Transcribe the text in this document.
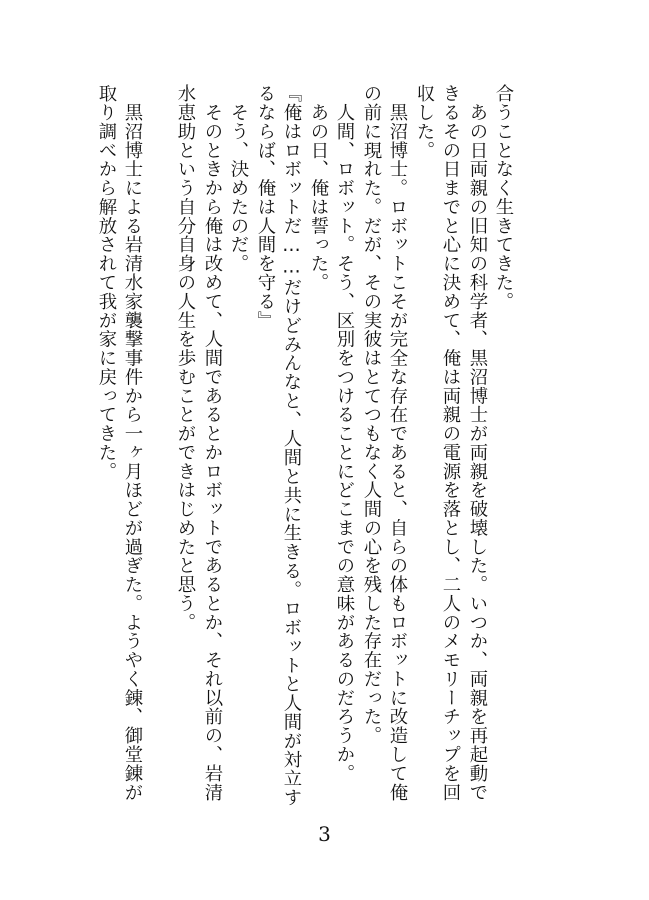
合うことなく生きてきた。
　あの日両親の旧知の科学者、黒沼博士が両親を破壊した。いつか、両親を再起動で
きるその日までと心に決めて、俺は両親の電源を落とし、二人のメモリーチップを回
収した。
　黒沼博士。ロボットこそが完全な存在であると、自らの体もロボットに改造して俺
の前に現れた。だが、その実彼はとてつもなく人間の心を残した存在だった。
　人間、ロボット。そう、区別をつけることにどこまでの意味があるのだろうか。
　あの日、俺は誓った。
『俺はロボットだ……だけどみんなと、人間と共に生きる。ロボットと人間が対立す
るならば、俺は人間を守る』
　そう、決めたのだ。
　そのときから俺は改めて、人間であるとかロボットであるとか、それ以前の、岩清
水恵助という自分自身の人生を歩むことができはじめたと思う。
　黒沼博士による岩清水家襲撃事件から一ヶ月ほどが過ぎた。ようやく錬、御堂錬が
取り調べから解放されて我が家に戻ってきた。
3
